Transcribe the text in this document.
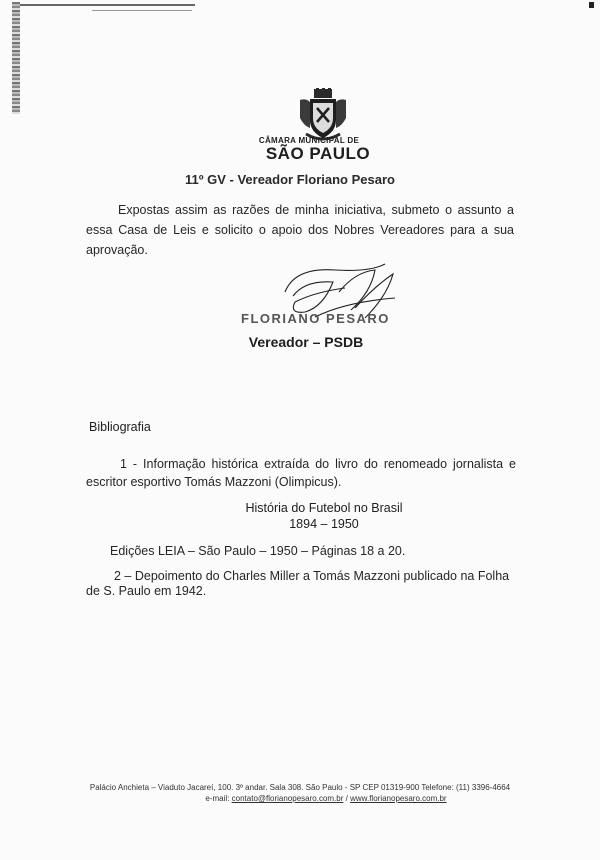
CÂMARA MUNICIPAL DE
SÃO PAULO
11º GV - Vereador Floriano Pesaro
Expostas assim as razões de minha iniciativa, submeto o assunto a essa Casa de Leis e solicito o apoio dos Nobres Vereadores para a sua aprovação.
FLORIANO PESARO
Vereador – PSDB
Bibliografia
1 - Informação histórica extraída do livro do renomeado jornalista e escritor esportivo Tomás Mazzoni (Olimpicus).
História do Futebol no Brasil
1894 – 1950
Edições LEIA – São Paulo – 1950 – Páginas 18 a 20.
2 – Depoimento do Charles Miller a Tomás Mazzoni publicado na Folha de S. Paulo em 1942.
Palácio Anchieta – Viaduto Jacareí, 100. 3º andar. Sala 308. São Paulo - SP CEP 01319-900 Telefone: (11) 3396-4664
e-mail: contato@florianopesaro.com.br / www.florianopesaro.com.br
